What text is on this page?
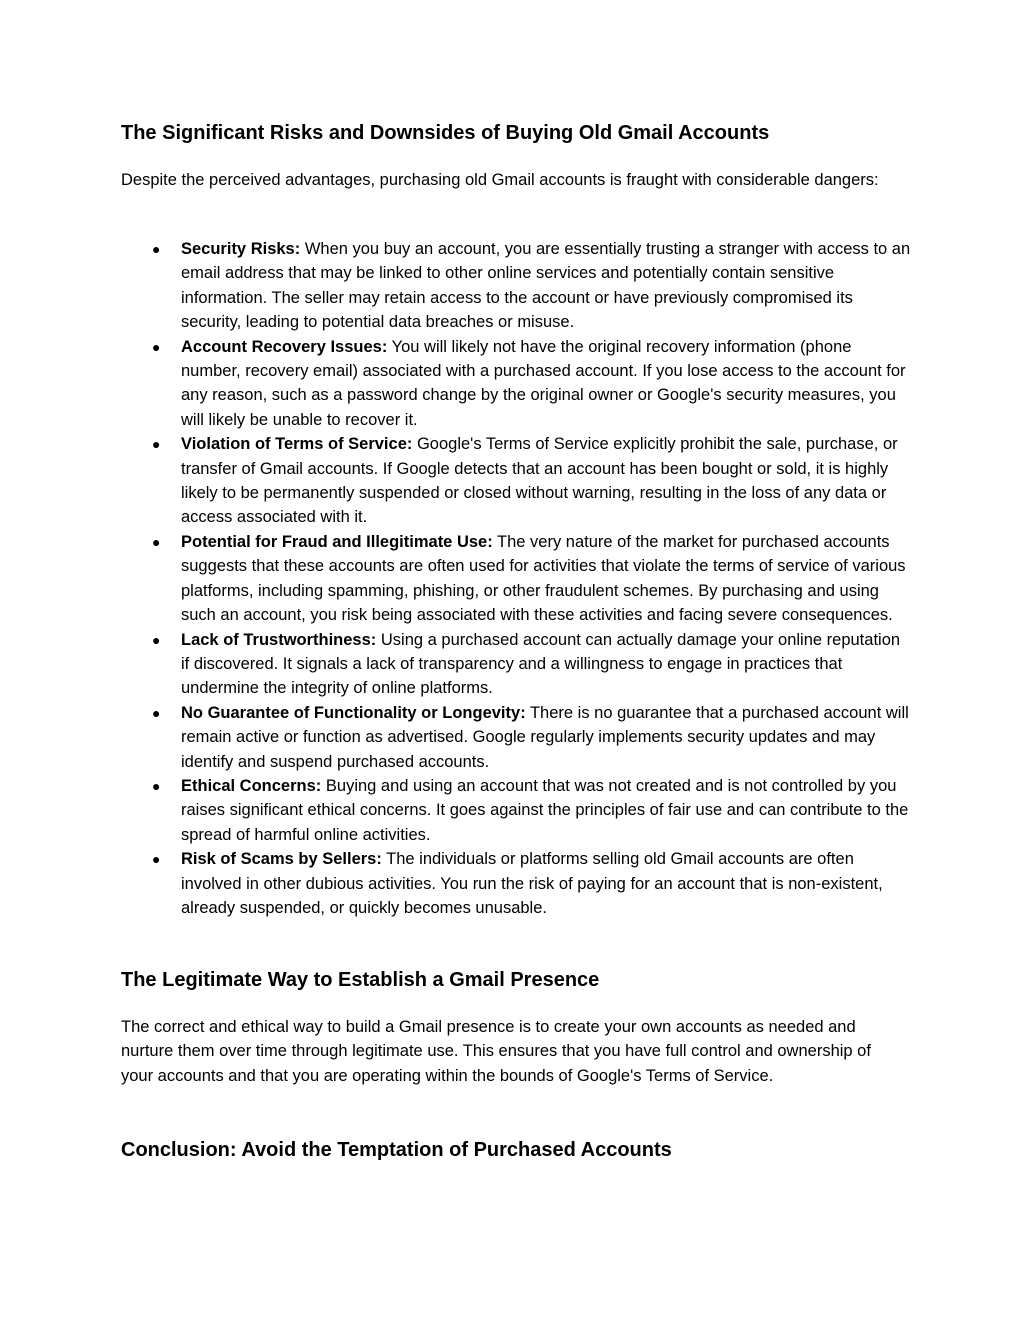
The Significant Risks and Downsides of Buying Old Gmail Accounts

Despite the perceived advantages, purchasing old Gmail accounts is fraught with considerable dangers:

● Security Risks: When you buy an account, you are essentially trusting a stranger with access to an email address that may be linked to other online services and potentially contain sensitive information. The seller may retain access to the account or have previously compromised its security, leading to potential data breaches or misuse.
● Account Recovery Issues: You will likely not have the original recovery information (phone number, recovery email) associated with a purchased account. If you lose access to the account for any reason, such as a password change by the original owner or Google's security measures, you will likely be unable to recover it.
● Violation of Terms of Service: Google's Terms of Service explicitly prohibit the sale, purchase, or transfer of Gmail accounts. If Google detects that an account has been bought or sold, it is highly likely to be permanently suspended or closed without warning, resulting in the loss of any data or access associated with it.
● Potential for Fraud and Illegitimate Use: The very nature of the market for purchased accounts suggests that these accounts are often used for activities that violate the terms of service of various platforms, including spamming, phishing, or other fraudulent schemes. By purchasing and using such an account, you risk being associated with these activities and facing severe consequences.
● Lack of Trustworthiness: Using a purchased account can actually damage your online reputation if discovered. It signals a lack of transparency and a willingness to engage in practices that undermine the integrity of online platforms.
● No Guarantee of Functionality or Longevity: There is no guarantee that a purchased account will remain active or function as advertised. Google regularly implements security updates and may identify and suspend purchased accounts.
● Ethical Concerns: Buying and using an account that was not created and is not controlled by you raises significant ethical concerns. It goes against the principles of fair use and can contribute to the spread of harmful online activities.
● Risk of Scams by Sellers: The individuals or platforms selling old Gmail accounts are often involved in other dubious activities. You run the risk of paying for an account that is non-existent, already suspended, or quickly becomes unusable.
The Legitimate Way to Establish a Gmail Presence

The correct and ethical way to build a Gmail presence is to create your own accounts as needed and nurture them over time through legitimate use. This ensures that you have full control and ownership of your accounts and that you are operating within the bounds of Google's Terms of Service.

Conclusion: Avoid the Temptation of Purchased Accounts
